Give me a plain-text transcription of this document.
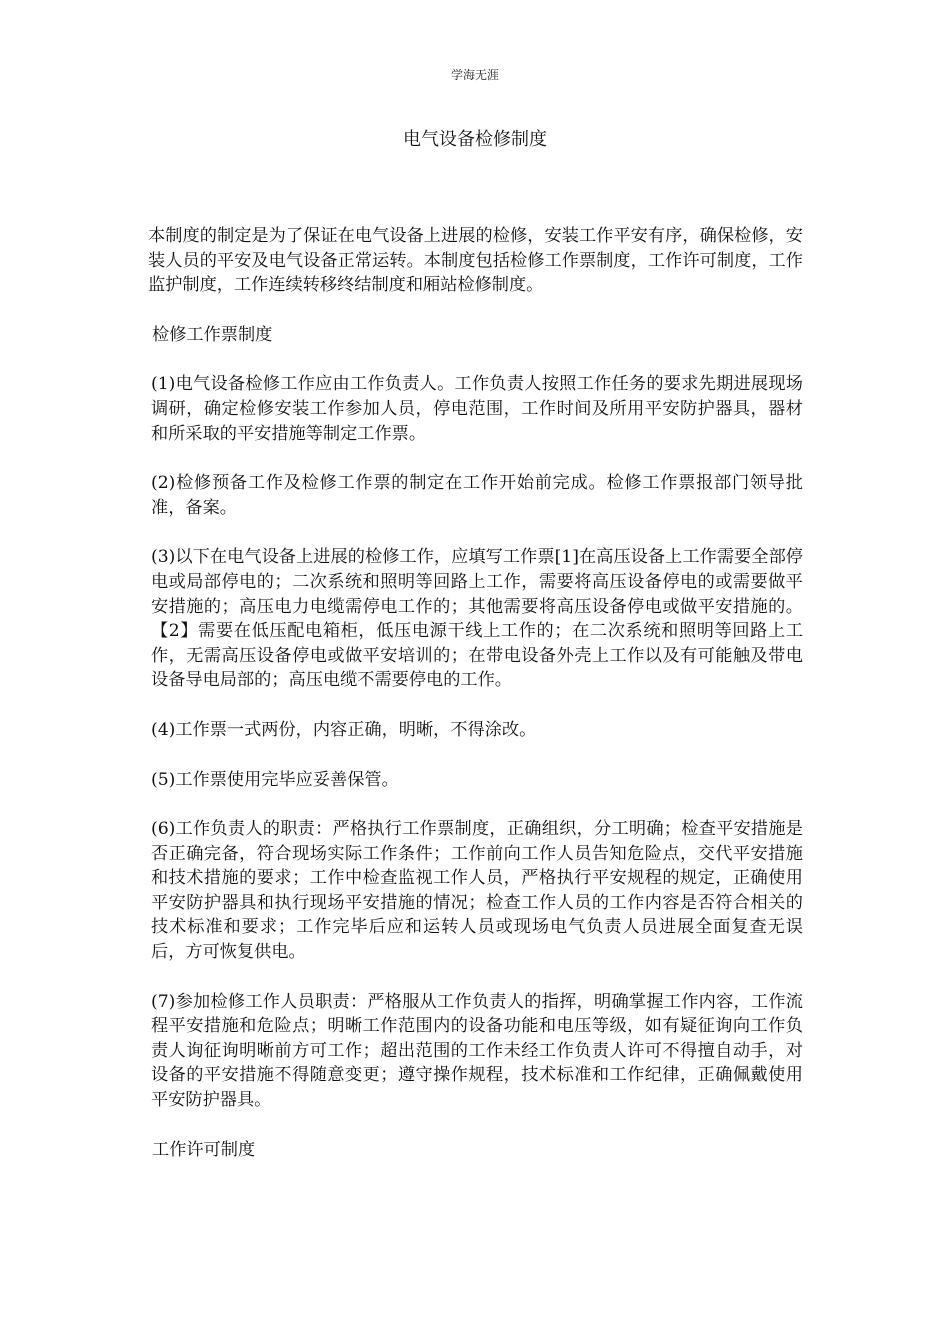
学海无涯
电气设备检修制度

本制度的制定是为了保证在电气设备上进展的检修，安装工作平安有序，确保检修，安装人员的平安及电气设备正常运转。本制度包括检修工作票制度，工作许可制度，工作监护制度，工作连续转移终结制度和厢站检修制度。

检修工作票制度

(1)电气设备检修工作应由工作负责人。工作负责人按照工作任务的要求先期进展现场调研，确定检修安装工作参加人员，停电范围，工作时间及所用平安防护器具，器材和所采取的平安措施等制定工作票。

(2)检修预备工作及检修工作票的制定在工作开始前完成。检修工作票报部门领导批准，备案。

(3)以下在电气设备上进展的检修工作，应填写工作票[1]在高压设备上工作需要全部停电或局部停电的；二次系统和照明等回路上工作，需要将高压设备停电的或需要做平安措施的；高压电力电缆需停电工作的；其他需要将高压设备停电或做平安措施的。【2】需要在低压配电箱柜，低压电源干线上工作的；在二次系统和照明等回路上工作，无需高压设备停电或做平安培训的；在带电设备外壳上工作以及有可能触及带电设备导电局部的；高压电缆不需要停电的工作。

(4)工作票一式两份，内容正确，明晰，不得涂改。

(5)工作票使用完毕应妥善保管。

(6)工作负责人的职责：严格执行工作票制度，正确组织，分工明确；检查平安措施是否正确完备，符合现场实际工作条件；工作前向工作人员告知危险点，交代平安措施和技术措施的要求；工作中检查监视工作人员，严格执行平安规程的规定，正确使用平安防护器具和执行现场平安措施的情况；检查工作人员的工作内容是否符合相关的技术标准和要求；工作完毕后应和运转人员或现场电气负责人员进展全面复查无误后，方可恢复供电。

(7)参加检修工作人员职责：严格服从工作负责人的指挥，明确掌握工作内容，工作流程平安措施和危险点；明晰工作范围内的设备功能和电压等级，如有疑征询向工作负责人询征询明晰前方可工作；超出范围的工作未经工作负责人许可不得擅自动手，对设备的平安措施不得随意变更；遵守操作规程，技术标准和工作纪律，正确佩戴使用平安防护器具。

工作许可制度
